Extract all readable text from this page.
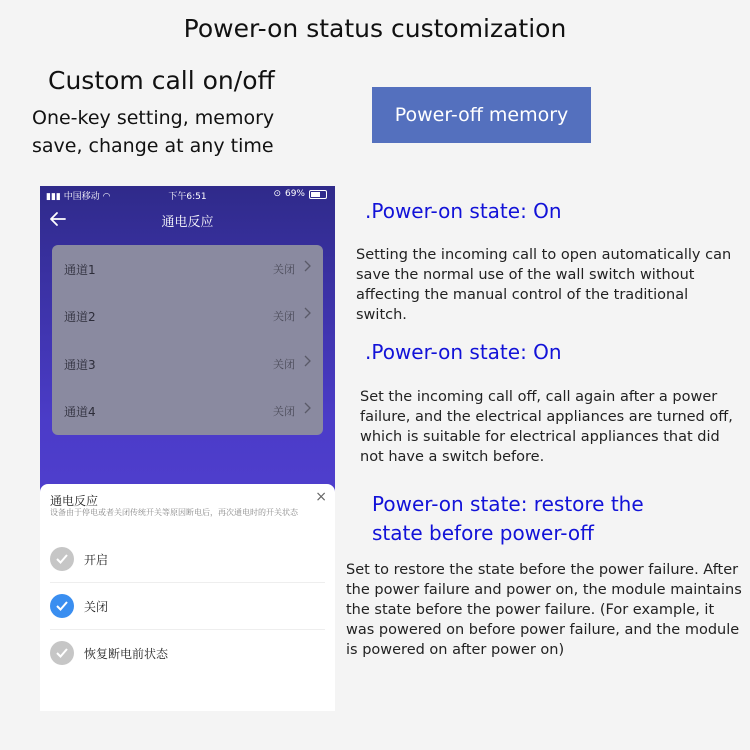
Power-on status customization
Custom call on/off
One-key setting, memory save, change at any time
Power-off memory
▮▮▮ 中国移动 ◠	下午6:51	⊙ 69%
通电反应
通道1	关闭
通道2	关闭
通道3	关闭
通道4	关闭
通电反应	×
设备由于停电或者关闭传统开关等原因断电后，再次通电时的开关状态
开启
关闭
恢复断电前状态
.Power-on state: On
Setting the incoming call to open automatically can save the normal use of the wall switch without affecting the manual control of the traditional switch.
.Power-on state: On
Set the incoming call off, call again after a power failure, and the electrical appliances are turned off, which is suitable for electrical appliances that did not have a switch before.
Power-on state: restore the state before power-off
Set to restore the state before the power failure. After the power failure and power on, the module maintains the state before the power failure. (For example, it was powered on before power failure, and the module is powered on after power on)
